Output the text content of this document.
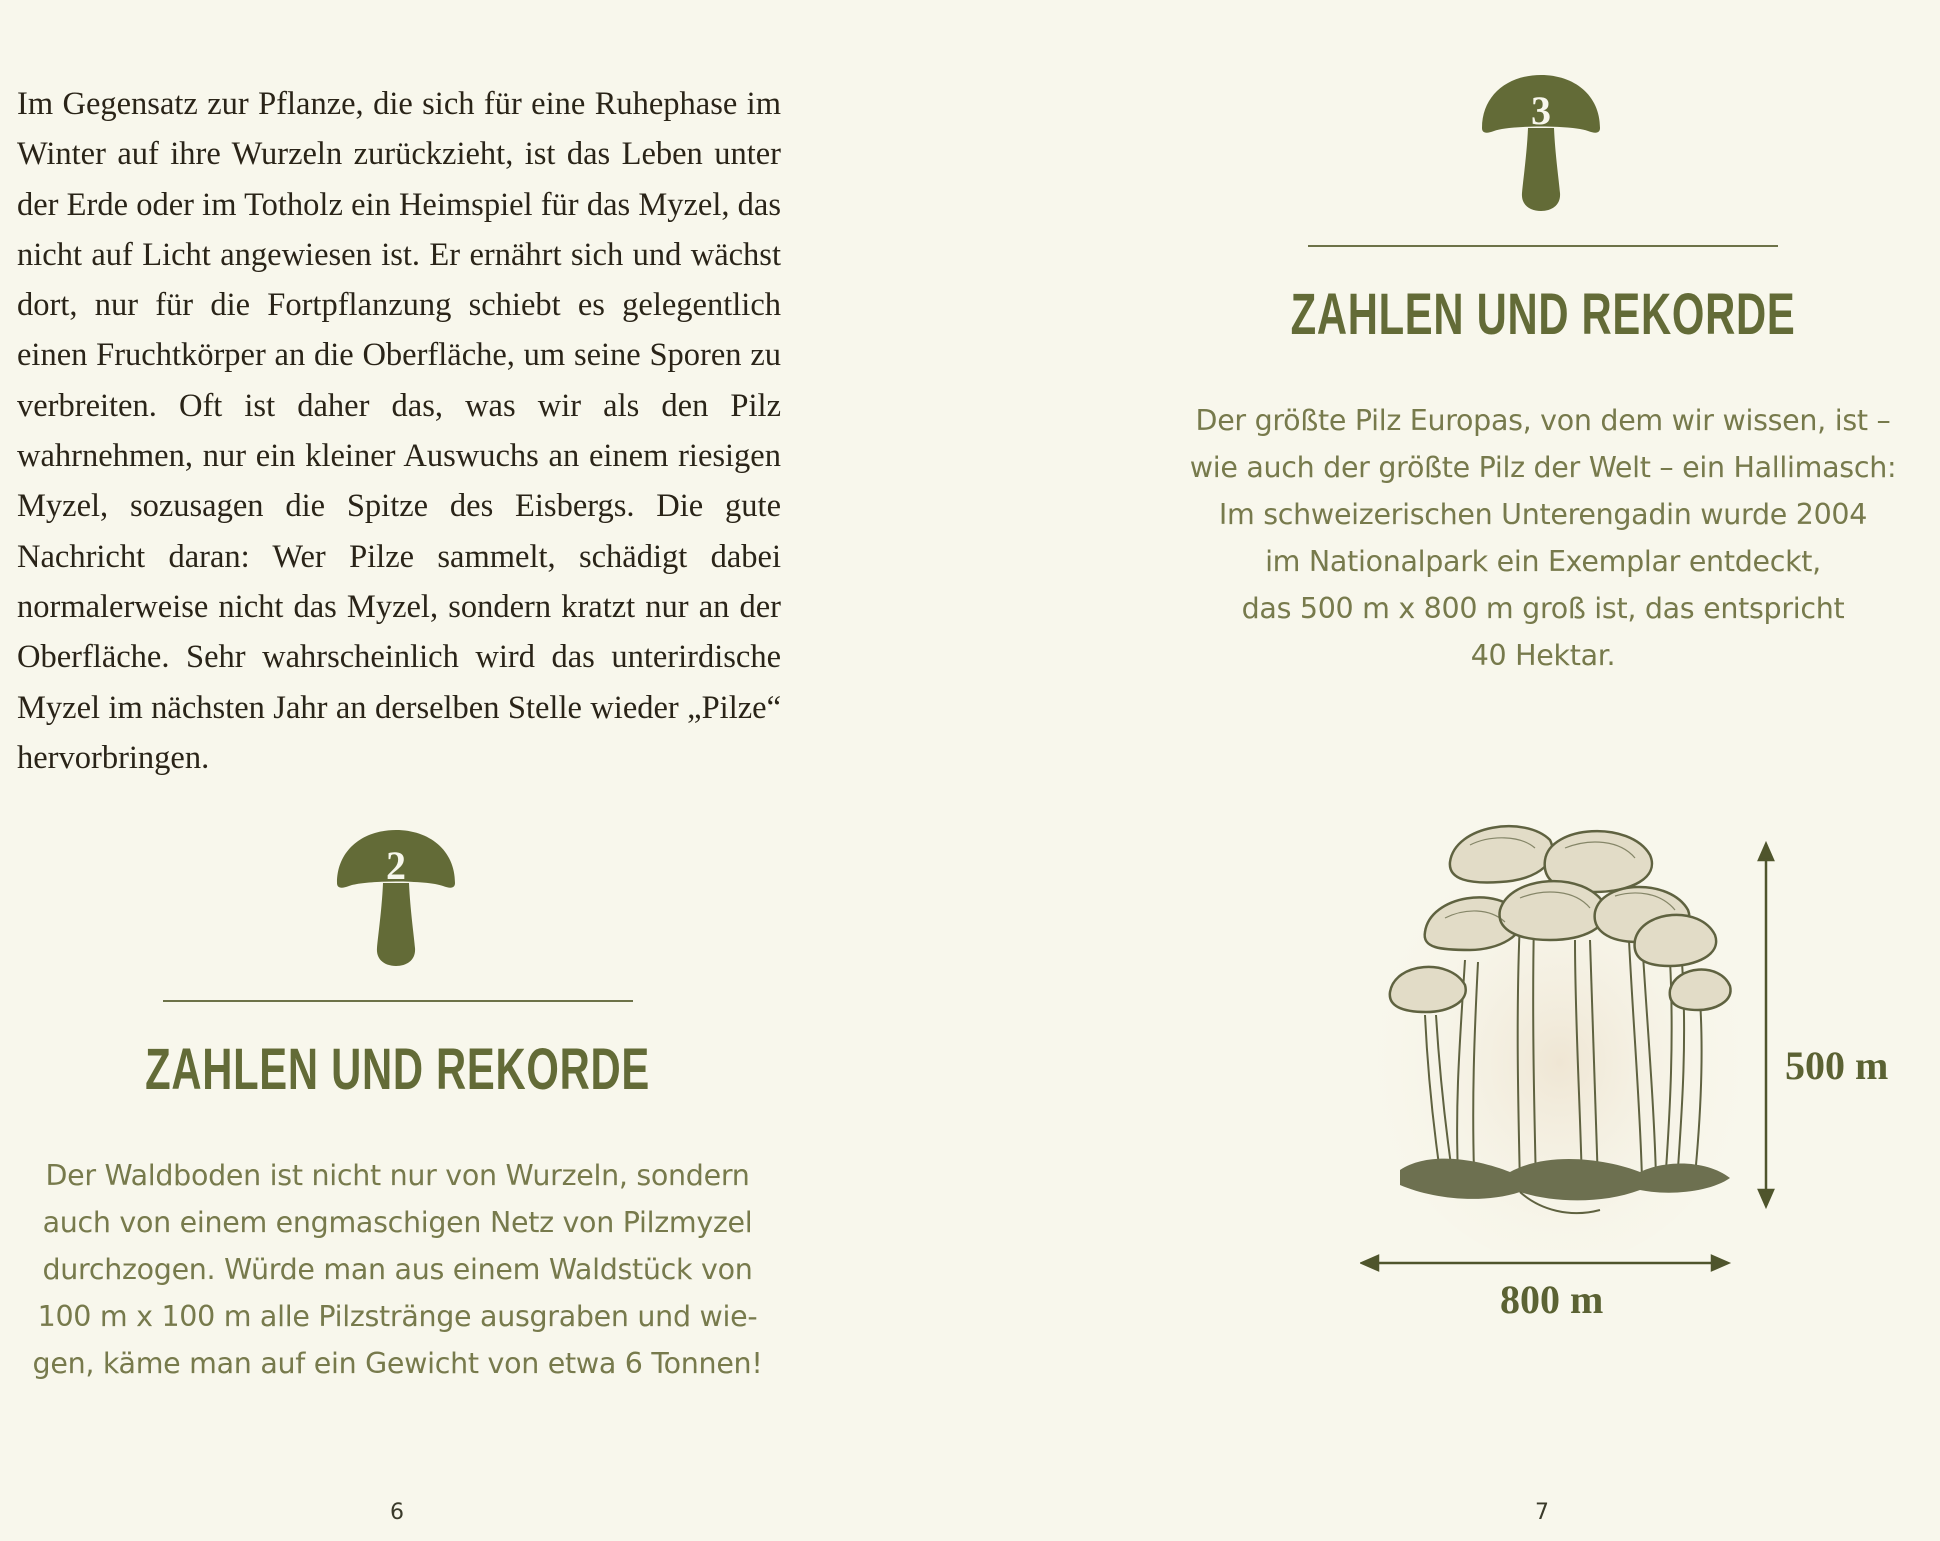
Im Gegensatz zur Pflanze, die sich für eine Ruhephase im Winter auf ihre Wurzeln zurückzieht, ist das Leben unter der Erde oder im Totholz ein Heimspiel für das Myzel, das nicht auf Licht angewiesen ist. Er ernährt sich und wächst dort, nur für die Fortpflanzung schiebt es gelegentlich einen Fruchtkörper an die Oberfläche, um seine Sporen zu verbreiten. Oft ist daher das, was wir als den Pilz wahrnehmen, nur ein kleiner Auswuchs an einem riesigen Myzel, sozusagen die Spitze des Eisbergs. Die gute Nachricht daran: Wer Pilze sammelt, schädigt dabei normalerweise nicht das Myzel, sondern kratzt nur an der Oberfläche. Sehr wahrscheinlich wird das unterirdische Myzel im nächsten Jahr an derselben Stelle wieder „Pilze“ hervorbringen.

2
ZAHLEN UND REKORDE
Der Waldboden ist nicht nur von Wurzeln, sondern
auch von einem engmaschigen Netz von Pilzmyzel
durchzogen. Würde man aus einem Waldstück von
100 m x 100 m alle Pilzstränge ausgraben und wie-
gen, käme man auf ein Gewicht von etwa 6 Tonnen!
6
3
ZAHLEN UND REKORDE
Der größte Pilz Europas, von dem wir wissen, ist –
wie auch der größte Pilz der Welt – ein Hallimasch:
Im schweizerischen Unterengadin wurde 2004
im Nationalpark ein Exemplar entdeckt,
das 500 m x 800 m groß ist, das entspricht
40 Hektar.
7
500 m
800 m
